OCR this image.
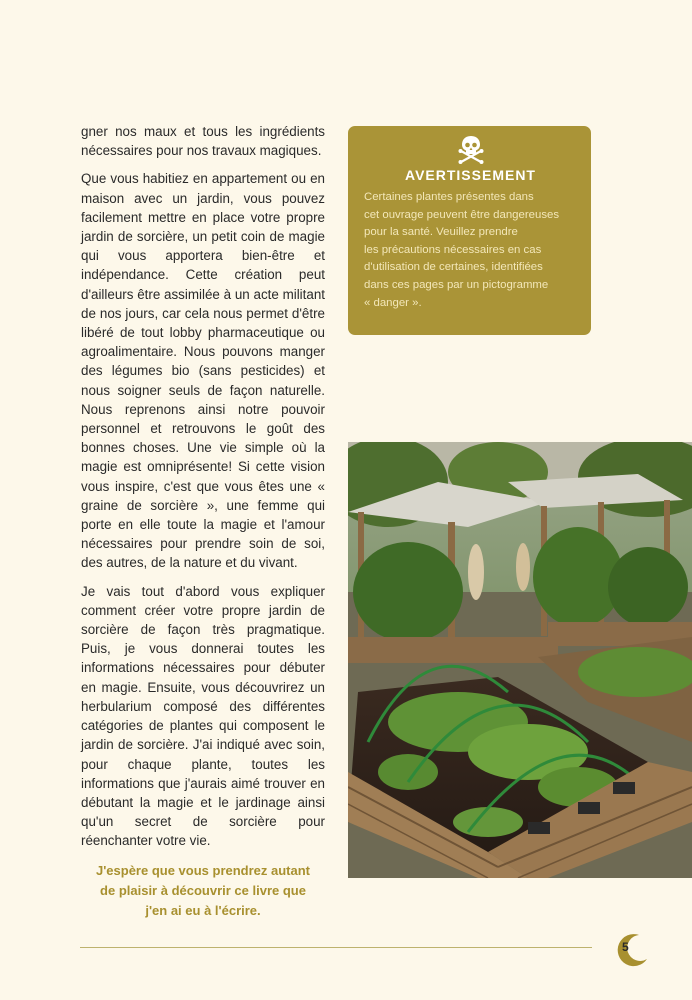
gner nos maux et tous les ingrédients nécessaires pour nos travaux magiques.

Que vous habitiez en appartement ou en maison avec un jardin, vous pouvez facilement mettre en place votre propre jardin de sorcière, un petit coin de magie qui vous apportera bien-être et indépendance. Cette création peut d'ailleurs être assimilée à un acte militant de nos jours, car cela nous permet d'être libéré de tout lobby pharmaceutique ou agroalimentaire. Nous pouvons manger des légumes bio (sans pesticides) et nous soigner seuls de façon naturelle. Nous reprenons ainsi notre pouvoir personnel et retrouvons le goût des bonnes choses. Une vie simple où la magie est omniprésente! Si cette vision vous inspire, c'est que vous êtes une « graine de sorcière », une femme qui porte en elle toute la magie et l'amour nécessaires pour prendre soin de soi, des autres, de la nature et du vivant.

Je vais tout d'abord vous expliquer comment créer votre propre jardin de sorcière de façon très pragmatique. Puis, je vous donnerai toutes les informations nécessaires pour débuter en magie. Ensuite, vous découvrirez un herbularium composé des différentes catégories de plantes qui composent le jardin de sorcière. J'ai indiqué avec soin, pour chaque plante, toutes les informations que j'aurais aimé trouver en débutant la magie et le jardinage ainsi qu'un secret de sorcière pour réenchanter votre vie.

J'espère que vous prendrez autant
de plaisir à découvrir ce livre que
j'en ai eu à l'écrire.
AVERTISSEMENT
Certaines plantes présentes dans
cet ouvrage peuvent être dangereuses
pour la santé. Veuillez prendre
les précautions nécessaires en cas
d'utilisation de certaines, identifiées
dans ces pages par un pictogramme
« danger ».
5
